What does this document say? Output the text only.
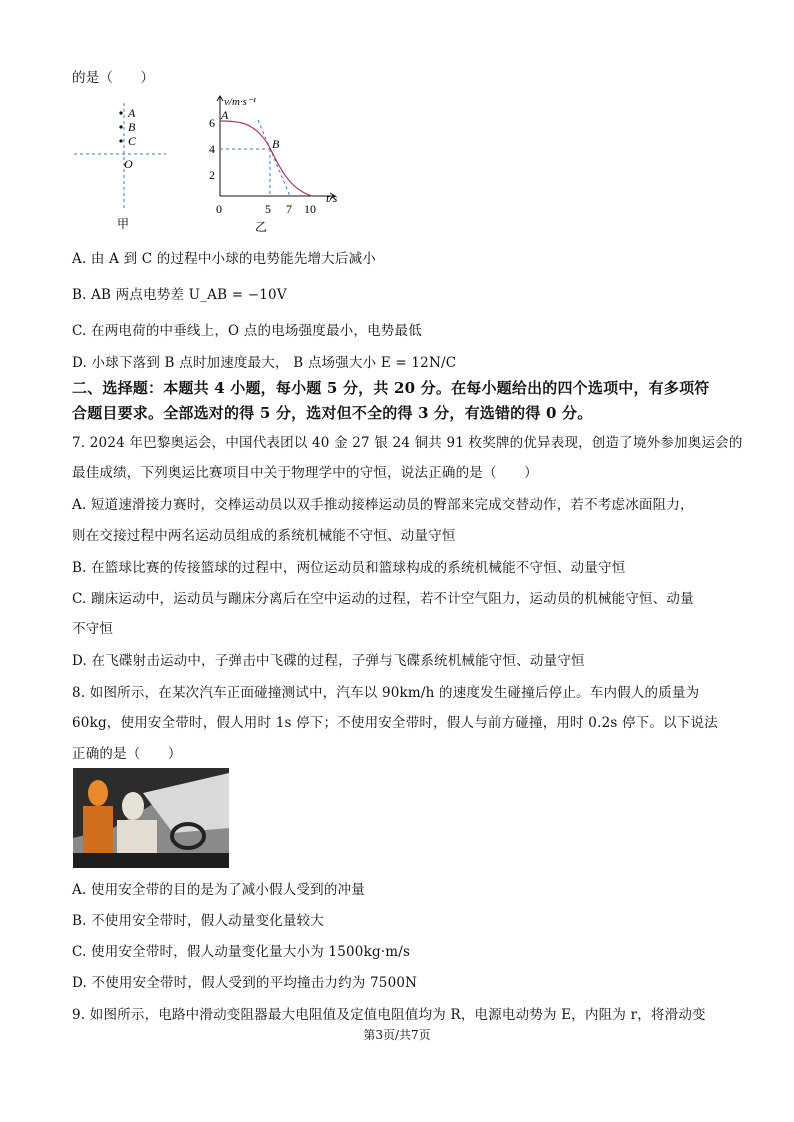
的是（　　）
A
B
C
O
甲
v/m·s⁻¹
t/s
6
4
2
0	5 7 10
A
B
乙
A. 由 A 到 C 的过程中小球的电势能先增大后减小
B. AB 两点电势差 U_AB = −10V
C. 在两电荷的中垂线上，O 点的电场强度最小，电势最低
D. 小球下落到 B 点时加速度最大， B 点场强大小 E = 12N/C
二、选择题：本题共 4 小题，每小题 5 分，共 20 分。在每小题给出的四个选项中，有多项符
合题目要求。全部选对的得 5 分，选对但不全的得 3 分，有选错的得 0 分。
7. 2024 年巴黎奥运会，中国代表团以 40 金 27 银 24 铜共 91 枚奖牌的优异表现，创造了境外参加奥运会的
最佳成绩，下列奥运比赛项目中关于物理学中的守恒，说法正确的是（　　）
A. 短道速滑接力赛时，交棒运动员以双手推动接棒运动员的臀部来完成交替动作，若不考虑冰面阻力，
则在交接过程中两名运动员组成的系统机械能不守恒、动量守恒
B. 在篮球比赛的传接篮球的过程中，两位运动员和篮球构成的系统机械能不守恒、动量守恒
C. 蹦床运动中，运动员与蹦床分离后在空中运动的过程，若不计空气阻力，运动员的机械能守恒、动量
不守恒
D. 在飞碟射击运动中，子弹击中飞碟的过程，子弹与飞碟系统机械能守恒、动量守恒
8. 如图所示，在某次汽车正面碰撞测试中，汽车以 90km/h 的速度发生碰撞后停止。车内假人的质量为
60kg，使用安全带时，假人用时 1s 停下；不使用安全带时，假人与前方碰撞，用时 0.2s 停下。以下说法
正确的是（　　）
A. 使用安全带的目的是为了减小假人受到的冲量
B. 不使用安全带时，假人动量变化量较大
C. 使用安全带时，假人动量变化量大小为 1500kg·m/s
D. 不使用安全带时，假人受到的平均撞击力约为 7500N
9. 如图所示，电路中滑动变阻器最大电阻值及定值电阻值均为 R，电源电动势为 E，内阻为 r，将滑动变
第3页/共7页
